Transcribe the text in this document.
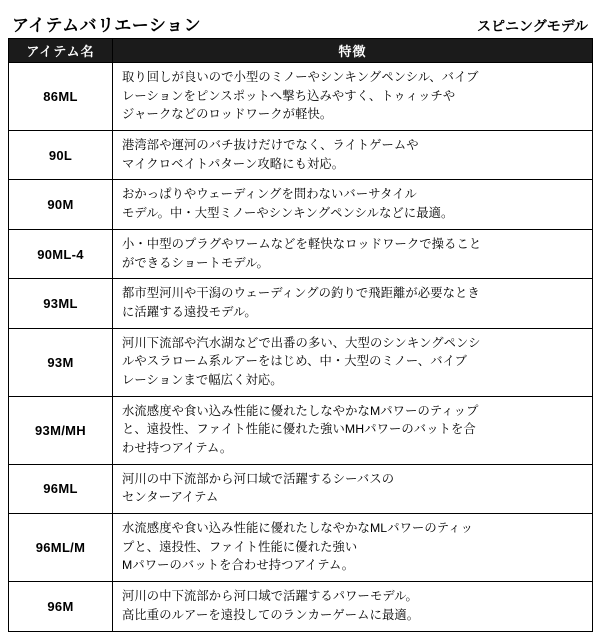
アイテムバリエーション	スピニングモデル
アイテム名	特徴
86ML	取り回しが良いので小型のミノーやシンキングペンシル、バイブ
レーションをピンスポットへ撃ち込みやすく、トゥィッチや
ジャークなどのロッドワークが軽快。

90L	港湾部や運河のバチ抜けだけでなく、ライトゲームや
マイクロベイトパターン攻略にも対応。

90M	おかっぱりやウェーディングを問わないバーサタイル
モデル。中・大型ミノーやシンキングペンシルなどに最適。

90ML-4	小・中型のプラグやワームなどを軽快なロッドワークで操ること
ができるショートモデル。

93ML	都市型河川や干潟のウェーディングの釣りで飛距離が必要なとき
に活躍する遠投モデル。

93M	河川下流部や汽水湖などで出番の多い、大型のシンキングペンシ
ルやスラローム系ルアーをはじめ、中・大型のミノー、バイブ
レーションまで幅広く対応。

93M/MH	水流感度や食い込み性能に優れたしなやかなMパワーのティップ
と、遠投性、ファイト性能に優れた強いMHパワーのバットを合
わせ持つアイテム。

96ML	河川の中下流部から河口域で活躍するシーバスの
センターアイテム

96ML/M	水流感度や食い込み性能に優れたしなやかなMLパワーのティッ
プと、遠投性、ファイト性能に優れた強い
Mパワーのバットを合わせ持つアイテム。

96M	河川の中下流部から河口域で活躍するパワーモデル。
高比重のルアーを遠投してのランカーゲームに最適。
